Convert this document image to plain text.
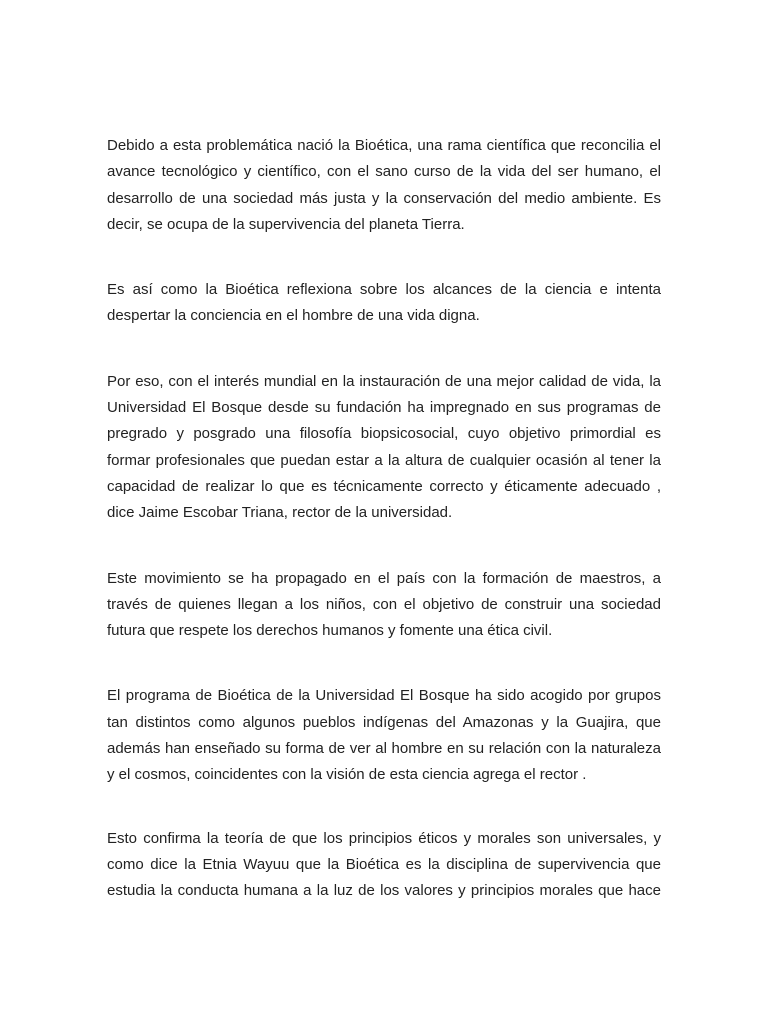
Debido a esta problemática nació la Bioética, una rama científica que reconcilia el avance tecnológico y científico, con el sano curso de la vida del ser humano, el desarrollo de una sociedad más justa y la conservación del medio ambiente. Es decir, se ocupa de la supervivencia del planeta Tierra.

Es así como la Bioética reflexiona sobre los alcances de la ciencia e intenta despertar la conciencia en el hombre de una vida digna.

Por eso, con el interés mundial en la instauración de una mejor calidad de vida, la Universidad El Bosque desde su fundación ha impregnado en sus programas de pregrado y posgrado una filosofía biopsicosocial, cuyo objetivo primordial es formar profesionales que puedan estar a la altura de cualquier ocasión al tener la capacidad de realizar lo que es técnicamente correcto y éticamente adecuado , dice Jaime Escobar Triana, rector de la universidad.

Este movimiento se ha propagado en el país con la formación de maestros, a través de quienes llegan a los niños, con el objetivo de construir una sociedad futura que respete los derechos humanos y fomente una ética civil.

El programa de Bioética de la Universidad El Bosque ha sido acogido por grupos tan distintos como algunos pueblos indígenas del Amazonas y la Guajira, que además han enseñado su forma de ver al hombre en su relación con la naturaleza y el cosmos, coincidentes con la visión de esta ciencia agrega el rector .

Esto confirma la teoría de que los principios éticos y morales son universales, y como dice la Etnia Wayuu que la Bioética es la disciplina de supervivencia que estudia la conducta humana a la luz de los valores y principios morales que hace
